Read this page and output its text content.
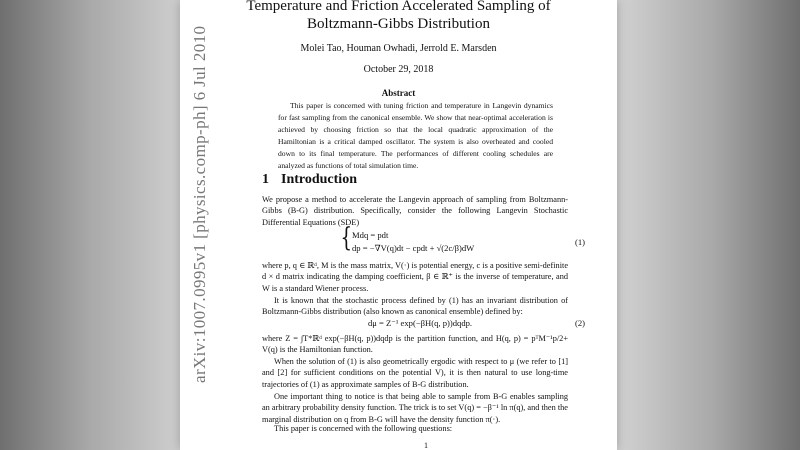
arXiv:1007.0995v1 [physics.comp-ph] 6 Jul 2010
Temperature and Friction Accelerated Sampling of
Boltzmann-Gibbs Distribution
Molei Tao, Houman Owhadi, Jerrold E. Marsden
October 29, 2018
Abstract
This paper is concerned with tuning friction and temperature in Langevin dynamics for fast sampling from the canonical ensemble. We show that near-optimal acceleration is achieved by choosing friction so that the local quadratic approximation of the Hamiltonian is a critical damped oscillator. The system is also overheated and cooled down to its final temperature. The performances of different cooling schedules are analyzed as functions of total simulation time.
1 Introduction
We propose a method to accelerate the Langevin approach of sampling from Boltzmann-Gibbs (B-G) distribution. Specifically, consider the following Langevin Stochastic Differential Equations (SDE)
{ Mdq = pdt
dp = −∇V(q)dt − cpdt + √(2c/β)dW
(1)
where p, q ∈ ℝᵈ, M is the mass matrix, V(·) is potential energy, c is a positive semi-definite d × d matrix indicating the damping coefficient, β ∈ ℝ⁺ is the inverse of temperature, and W is a standard Wiener process.
It is known that the stochastic process defined by (1) has an invariant distribution of Boltzmann-Gibbs distribution (also known as canonical ensemble) defined by:
dμ = Z⁻¹ exp(−βH(q, p))dqdp.	(2)
where Z = ∫T*ℝᵈ exp(−βH(q, p))dqdp is the partition function, and H(q, p) = pᵀM⁻¹p/2+ V(q) is the Hamiltonian function.
When the solution of (1) is also geometrically ergodic with respect to μ (we refer to [1] and [2] for sufficient conditions on the potential V), it is then natural to use long-time trajectories of (1) as approximate samples of B-G distribution.
One important thing to notice is that being able to sample from B-G enables sampling an arbitrary probability density function. The trick is to set V(q) = −β⁻¹ ln π(q), and then the marginal distribution on q from B-G will have the density function π(·).
This paper is concerned with the following questions:
1
